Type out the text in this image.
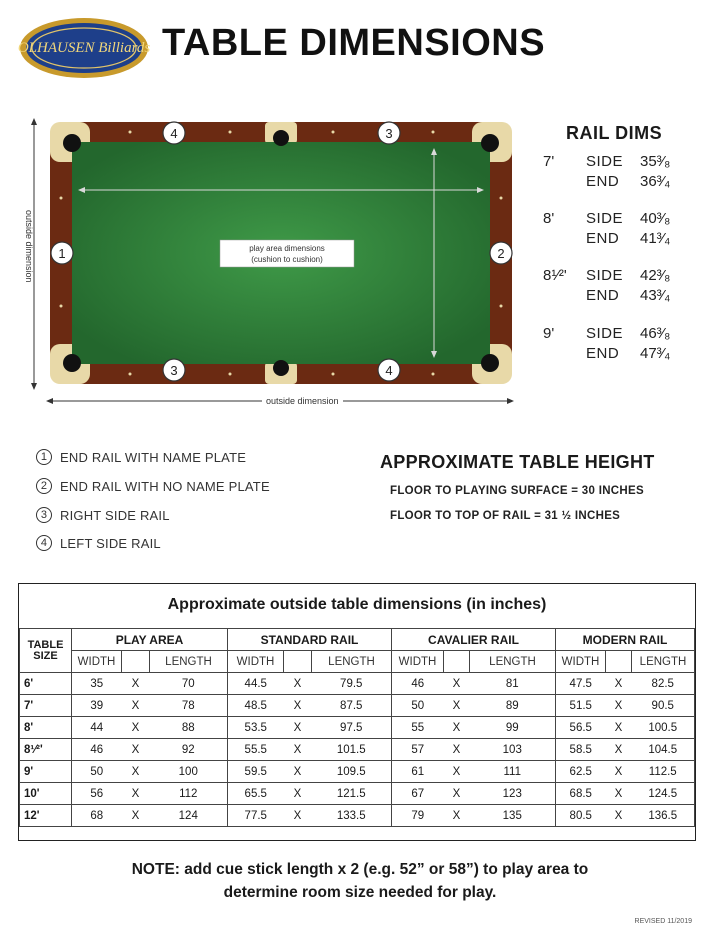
OLHAUSEN Billiards TABLE DIMENSIONS
play area dimensions
(cushion to cushion)
4	3
1	2
3	4
outside dimension
outside dimension
RAIL DIMS
7' SIDE 35³⁄₈
END 36³⁄₄
8' SIDE 40³⁄₈
END 41³⁄₄
8¹⁄²' SIDE 42³⁄₈
END 43³⁄₄
9' SIDE 46³⁄₈
END 47³⁄₄
1 END RAIL WITH NAME PLATE
2 END RAIL WITH NO NAME PLATE
3 RIGHT SIDE RAIL
4 LEFT SIDE RAIL
APPROXIMATE TABLE HEIGHT
FLOOR TO PLAYING SURFACE = 30 INCHES
FLOOR TO TOP OF RAIL = 31 ½ INCHES
Approximate outside table dimensions (in inches)
TABLE SIZE	PLAY AREA			STANDARD RAIL			CAVALIER RAIL			MODERN RAIL		
	WIDTH		LENGTH	WIDTH		LENGTH	WIDTH		LENGTH	WIDTH		LENGTH
6'	35	X	70	44.5	X	79.5	46	X	81	47.5	X	82.5
7'	39	X	78	48.5	X	87.5	50	X	89	51.5	X	90.5
8'	44	X	88	53.5	X	97.5	55	X	99	56.5	X	100.5
8¹⁄²'	46	X	92	55.5	X	101.5	57	X	103	58.5	X	104.5
9'	50	X	100	59.5	X	109.5	61	X	111	62.5	X	112.5
10'	56	X	112	65.5	X	121.5	67	X	123	68.5	X	124.5
12'	68	X	124	77.5	X	133.5	79	X	135	80.5	X	136.5
NOTE: add cue stick length x 2 (e.g. 52” or 58”) to play area to
determine room size needed for play.
REVISED 11/2019
